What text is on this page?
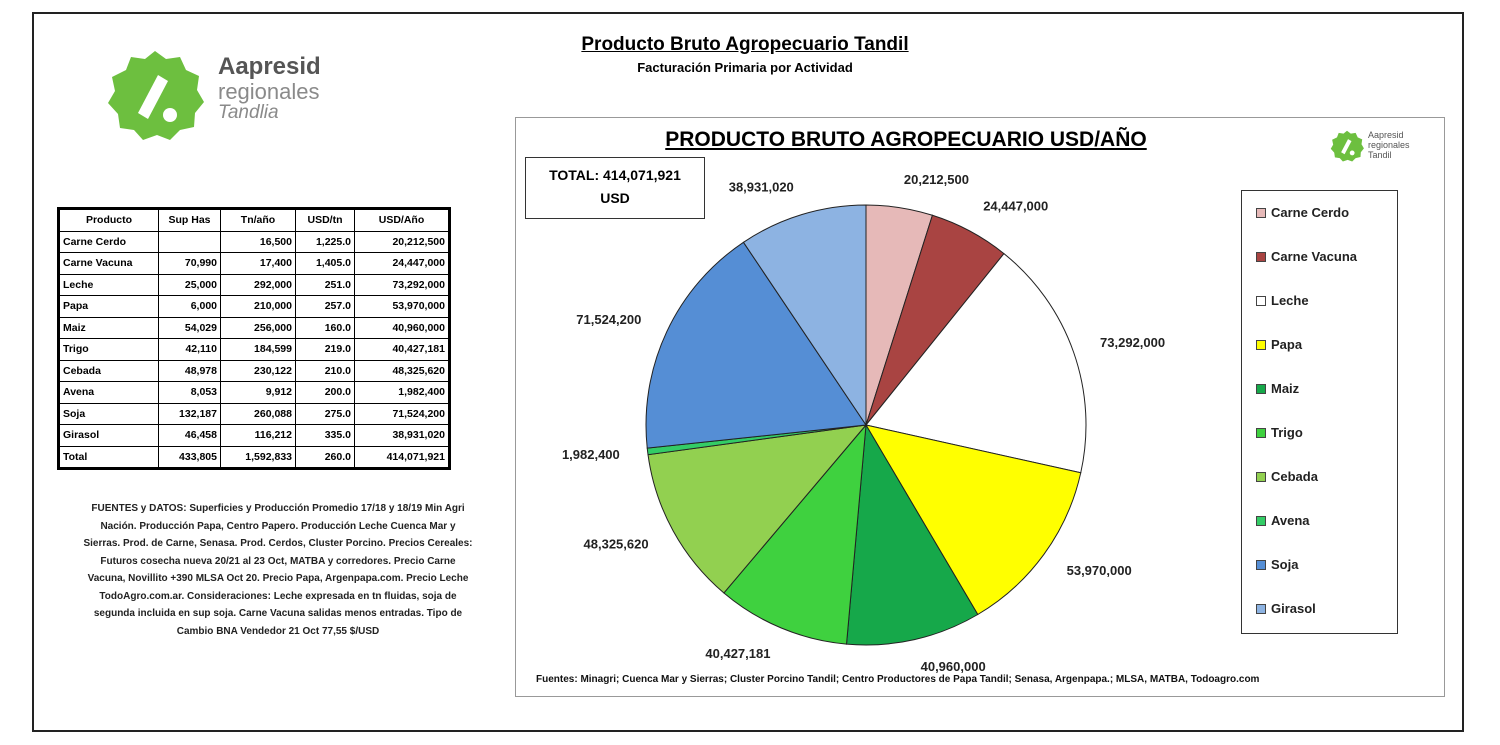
Aapresid
regionales
Tandlia
Producto Bruto Agropecuario Tandil
Facturación Primaria por Actividad
Producto	Sup Has	Tn/año	USD/tn	USD/Año
Carne Cerdo		16,500	1,225.0	20,212,500
Carne Vacuna	70,990	17,400	1,405.0	24,447,000
Leche	25,000	292,000	251.0	73,292,000
Papa	6,000	210,000	257.0	53,970,000
Maiz	54,029	256,000	160.0	40,960,000
Trigo	42,110	184,599	219.0	40,427,181
Cebada	48,978	230,122	210.0	48,325,620
Avena	8,053	9,912	200.0	1,982,400
Soja	132,187	260,088	275.0	71,524,200
Girasol	46,458	116,212	335.0	38,931,020
Total	433,805	1,592,833	260.0	414,071,921
FUENTES y DATOS: Superficies y Producción Promedio 17/18 y 18/19 Min Agri
Nación. Producción Papa, Centro Papero. Producción Leche Cuenca Mar y
Sierras. Prod. de Carne, Senasa. Prod. Cerdos, Cluster Porcino. Precios Cereales:
Futuros cosecha nueva 20/21 al 23 Oct, MATBA y corredores. Precio Carne
Vacuna, Novillito +390 MLSA Oct 20. Precio Papa, Argenpapa.com. Precio Leche
TodoAgro.com.ar. Consideraciones: Leche expresada en tn fluidas, soja de
segunda incluida en sup soja. Carne Vacuna salidas menos entradas. Tipo de
Cambio BNA Vendedor 21 Oct 77,55 $/USD
20,212,500
24,447,000
73,292,000
53,970,000
40,960,000
40,427,181
48,325,620
1,982,400
71,524,200
38,931,020
PRODUCTO BRUTO AGROPECUARIO USD/AÑO
TOTAL: 414,071,921
USD
Aapresid
regionales
Tandil
Carne Cerdo
Carne Vacuna
Leche
Papa
Maiz
Trigo
Cebada
Avena
Soja
Girasol
Fuentes: Minagri; Cuenca Mar y Sierras; Cluster Porcino Tandil; Centro Productores de Papa Tandil; Senasa, Argenpapa.; MLSA, MATBA, Todoagro.com
